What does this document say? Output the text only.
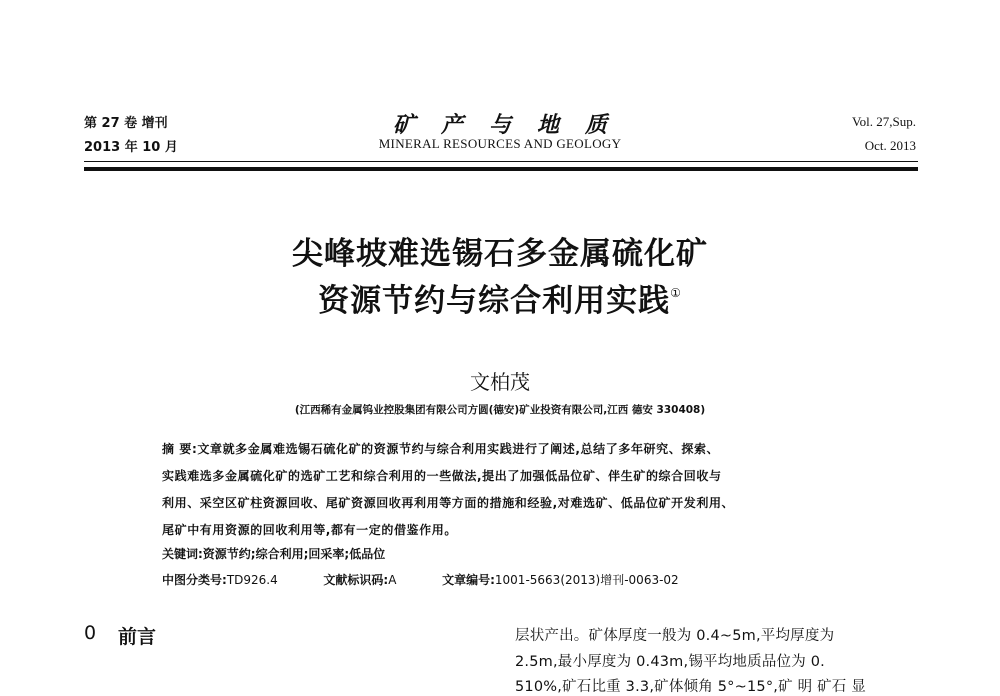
第 27 卷 增刊
2013 年 10 月
矿产与地质
MINERAL RESOURCES AND GEOLOGY
Vol. 27,Sup.
Oct. 2013
尖峰坡难选锡石多金属硫化矿
资源节约与综合利用实践①
文柏茂
(江西稀有金属钨业控股集团有限公司方圆(德安)矿业投资有限公司,江西 德安 330408)
摘 要:文章就多金属难选锡石硫化矿的资源节约与综合利用实践进行了阐述,总结了多年研究、探索、
实践难选多金属硫化矿的选矿工艺和综合利用的一些做法,提出了加强低品位矿、伴生矿的综合回收与
利用、采空区矿柱资源回收、尾矿资源回收再利用等方面的措施和经验,对难选矿、低品位矿开发利用、
尾矿中有用资源的回收利用等,都有一定的借鉴作用。
关键词:资源节约;综合利用;回采率;低品位
中图分类号:TD926.4	文献标识码:A	文章编号:1001-5663(2013)增刊-0063-02
0 前言	层状产出。矿体厚度一般为 0.4~5m,平均厚度为
2.5m,最小厚度为 0.43m,锡平均地质品位为 0.
510%,矿石比重 3.3,矿体倾角 5°~15°,矿 明 矿石 显
